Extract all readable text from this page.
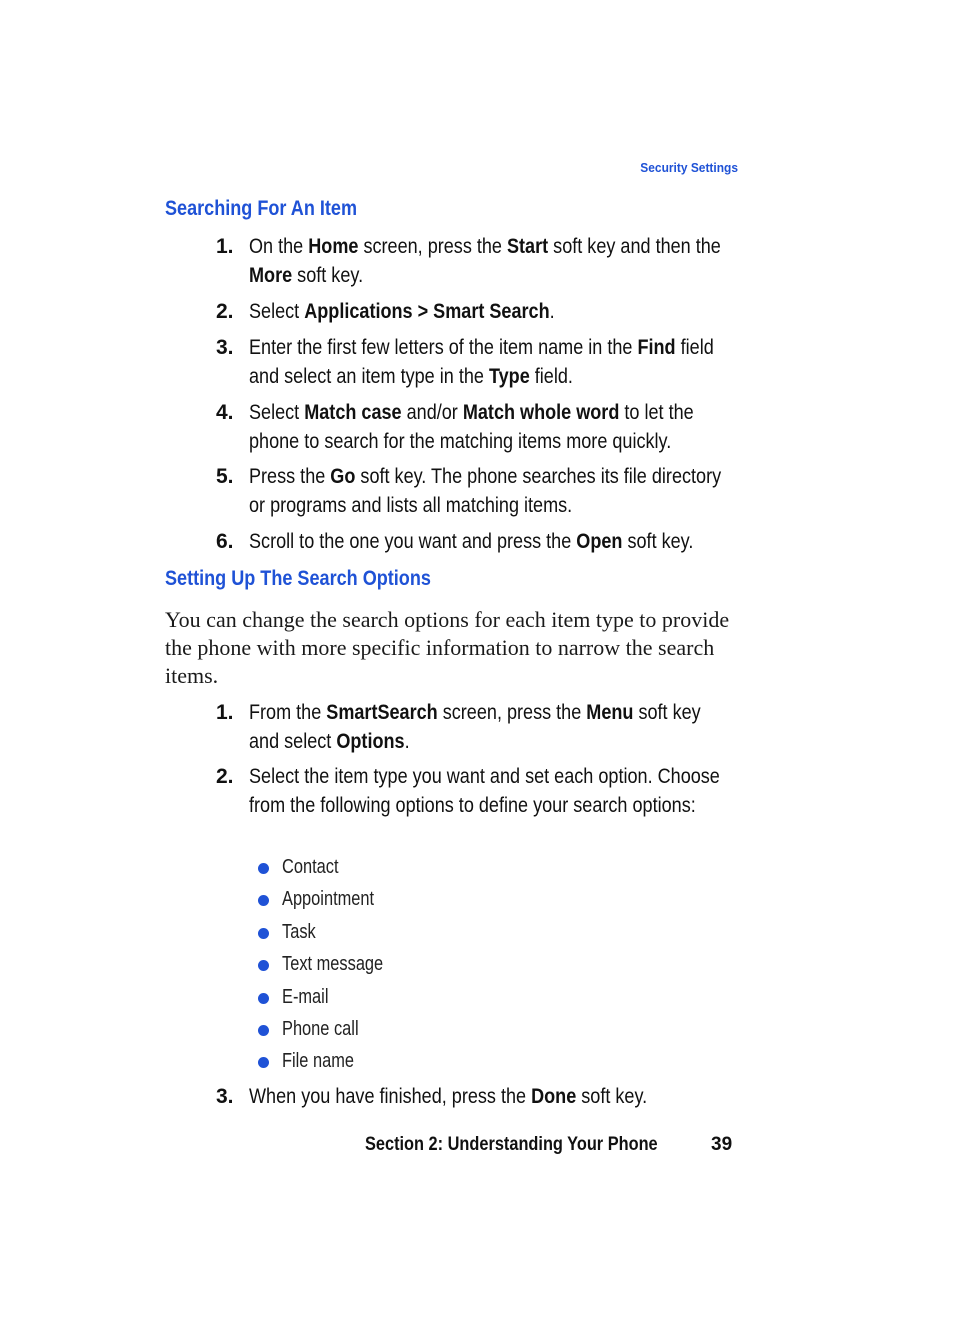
Security Settings
Searching For An Item
1. On the Home screen, press the Start soft key and then the More soft key.
2. Select Applications > Smart Search.
3. Enter the first few letters of the item name in the Find field and select an item type in the Type field.
4. Select Match case and/or Match whole word to let the phone to search for the matching items more quickly.
5. Press the Go soft key. The phone searches its file directory or programs and lists all matching items.
6. Scroll to the one you want and press the Open soft key.
Setting Up The Search Options
You can change the search options for each item type to provide the phone with more specific information to narrow the search items.
1. From the SmartSearch screen, press the Menu soft key and select Options.
2. Select the item type you want and set each option. Choose from the following options to define your search options:
Contact
Appointment
Task
Text message
E-mail
Phone call
File name
3. When you have finished, press the Done soft key.
Section 2: Understanding Your Phone	39
